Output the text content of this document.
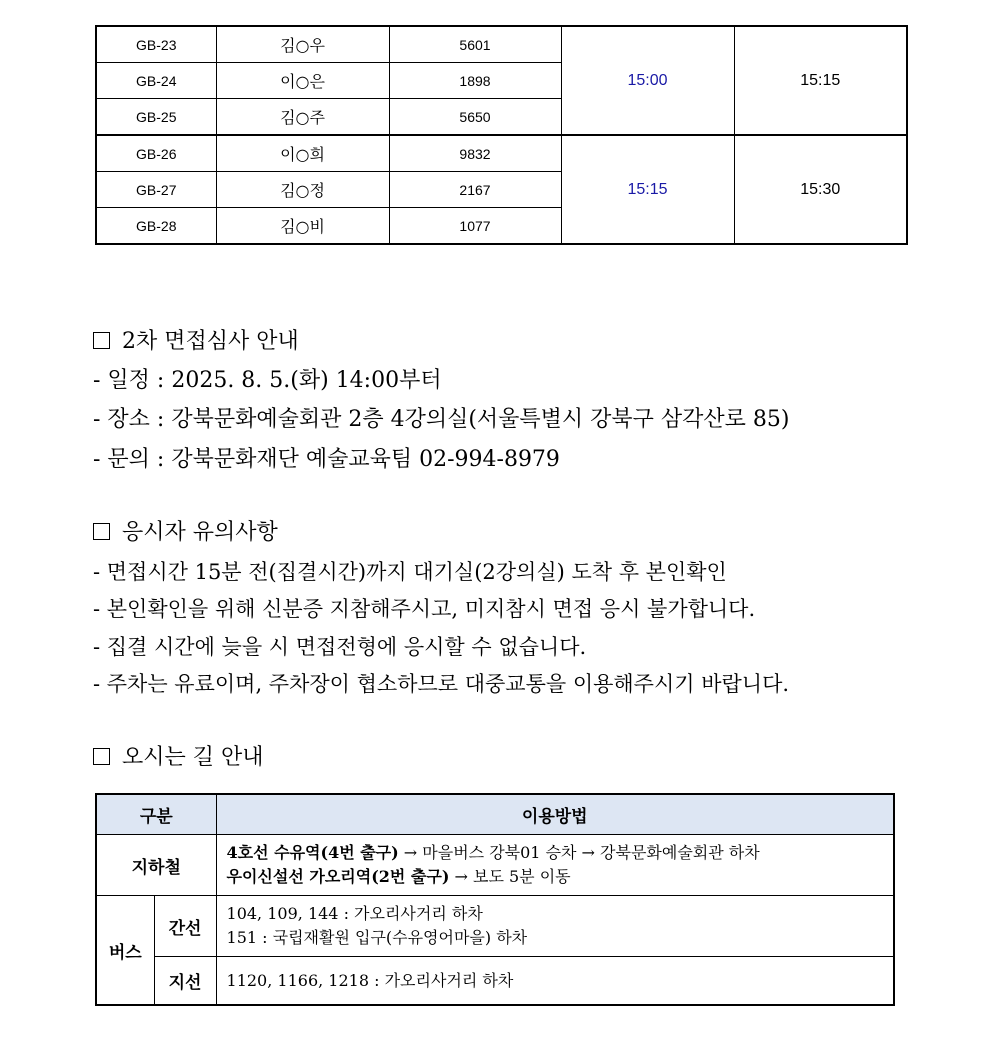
GB-23	김○우	5601	15:00	15:15
GB-24	이○은	1898		
GB-25	김○주	5650		
GB-26	이○희	9832	15:15	15:30
GB-27	김○정	2167		
GB-28	김○비	1077		
2차 면접심사 안내
- 일정 : 2025. 8. 5.(화) 14:00부터
- 장소 : 강북문화예술회관 2층 4강의실(서울특별시 강북구 삼각산로 85)
- 문의 : 강북문화재단 예술교육팀 02-994-8979
응시자 유의사항
- 면접시간 15분 전(집결시간)까지 대기실(2강의실) 도착 후 본인확인
- 본인확인을 위해 신분증 지참해주시고, 미지참시 면접 응시 불가합니다.
- 집결 시간에 늦을 시 면접전형에 응시할 수 없습니다.
- 주차는 유료이며, 주차장이 협소하므로 대중교통을 이용해주시기 바랍니다.
오시는 길 안내
구분		이용방법
지하철		4호선 수유역(4번 출구) → 마을버스 강북01 승차 → 강북문화예술회관 하차
우이신설선 가오리역(2번 출구) → 보도 5분 이동

버스	간선	104, 109, 144 : 가오리사거리 하차
151 : 국립재활원 입구(수유영어마을) 하차

	지선	1120, 1166, 1218 : 가오리사거리 하차
